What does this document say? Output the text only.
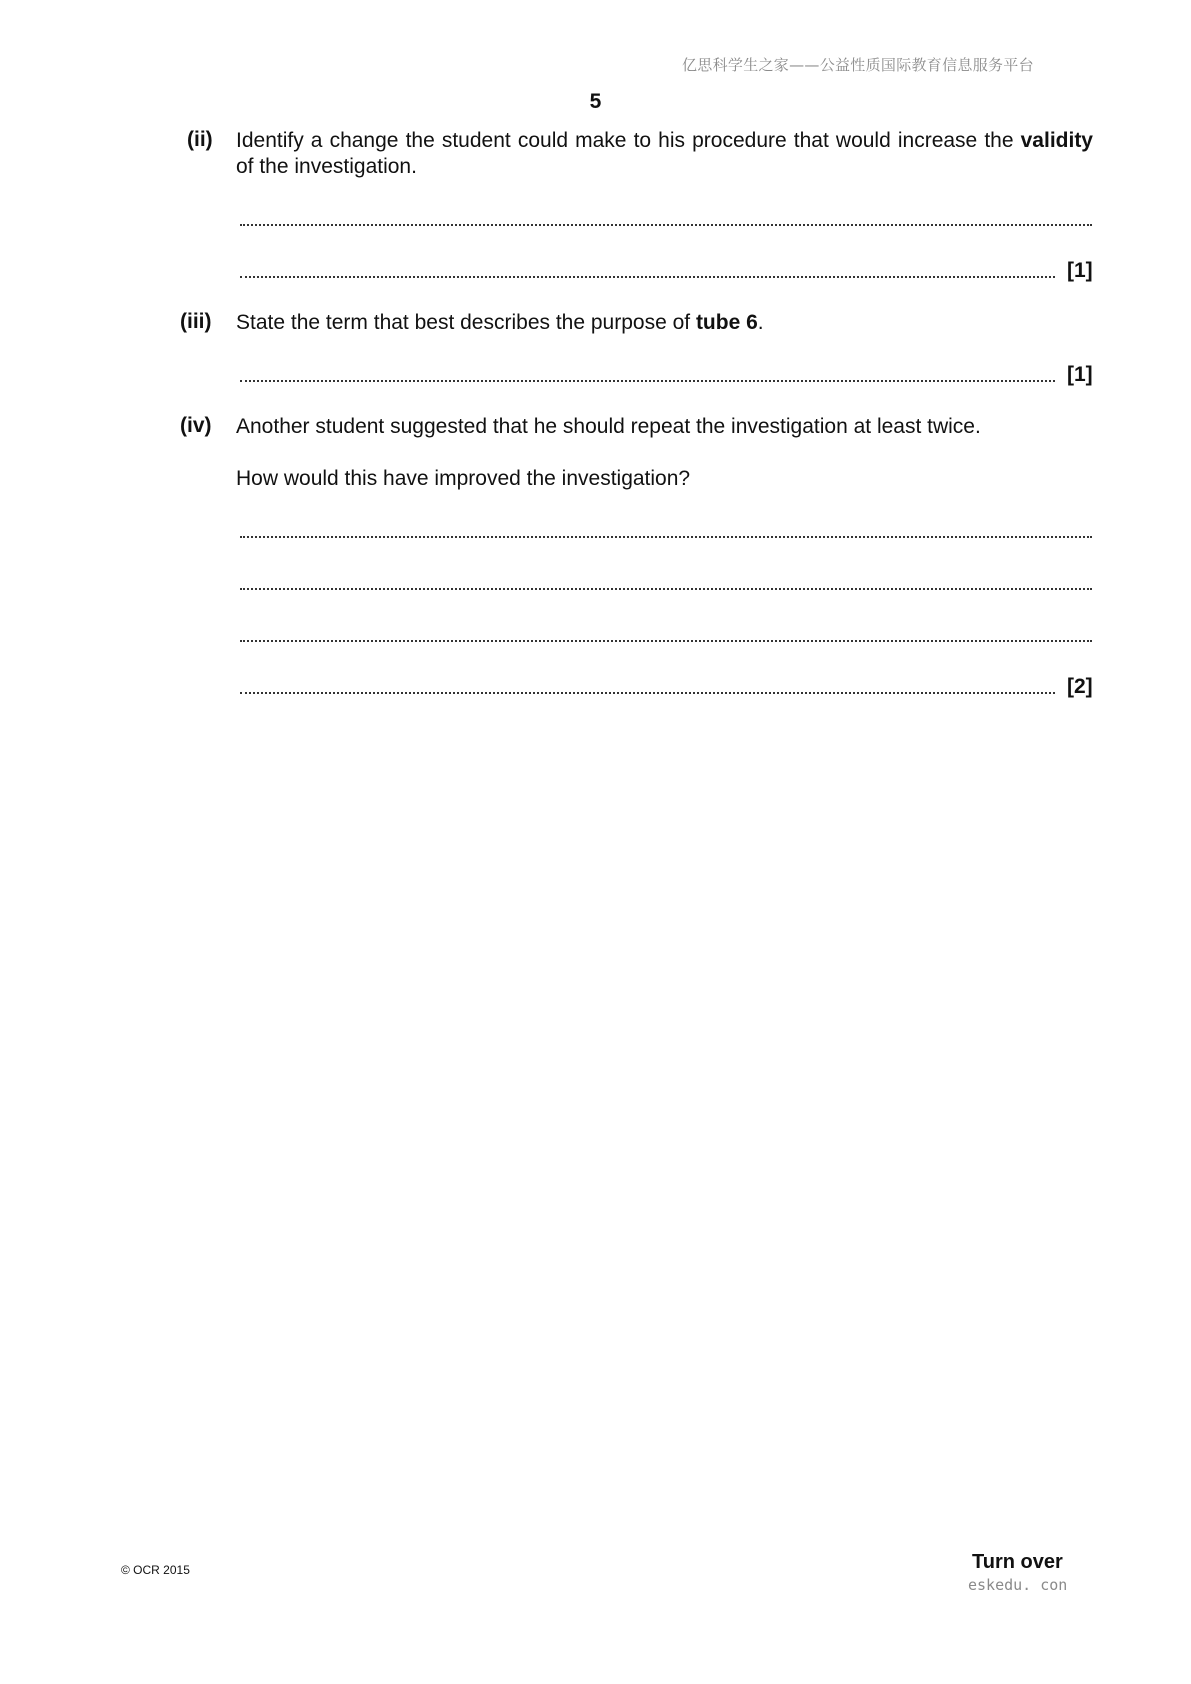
亿思科学生之家——公益性质国际教育信息服务平台
5
(ii) Identify a change the student could make to his procedure that would increase the validity of the investigation.
[1]
(iii) State the term that best describes the purpose of tube 6.
[1]
(iv) Another student suggested that he should repeat the investigation at least twice.
How would this have improved the investigation?
[2]
© OCR 2015	Turn over
eskedu. con
